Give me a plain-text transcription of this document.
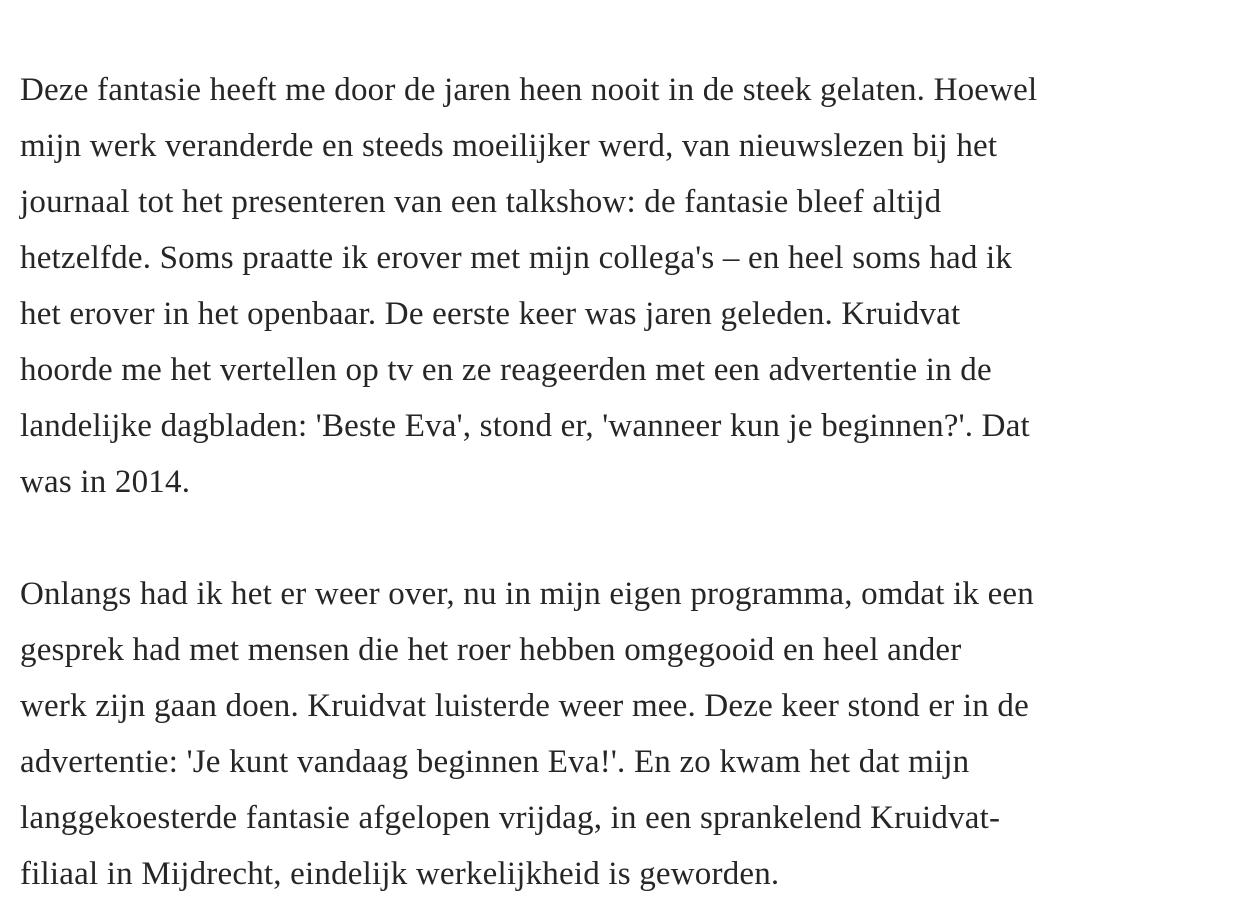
Deze fantasie heeft me door de jaren heen nooit in de steek gelaten. Hoewel
mijn werk veranderde en steeds moeilijker werd, van nieuwslezen bij het
journaal tot het presenteren van een talkshow: de fantasie bleef altijd
hetzelfde. Soms praatte ik erover met mijn collega's – en heel soms had ik
het erover in het openbaar. De eerste keer was jaren geleden. Kruidvat
hoorde me het vertellen op tv en ze reageerden met een advertentie in de
landelijke dagbladen: 'Beste Eva', stond er, 'wanneer kun je beginnen?'. Dat
was in 2014.

Onlangs had ik het er weer over, nu in mijn eigen programma, omdat ik een
gesprek had met mensen die het roer hebben omgegooid en heel ander
werk zijn gaan doen. Kruidvat luisterde weer mee. Deze keer stond er in de
advertentie: 'Je kunt vandaag beginnen Eva!'. En zo kwam het dat mijn
langgekoesterde fantasie afgelopen vrijdag, in een sprankelend Kruidvat-
filiaal in Mijdrecht, eindelijk werkelijkheid is geworden.
